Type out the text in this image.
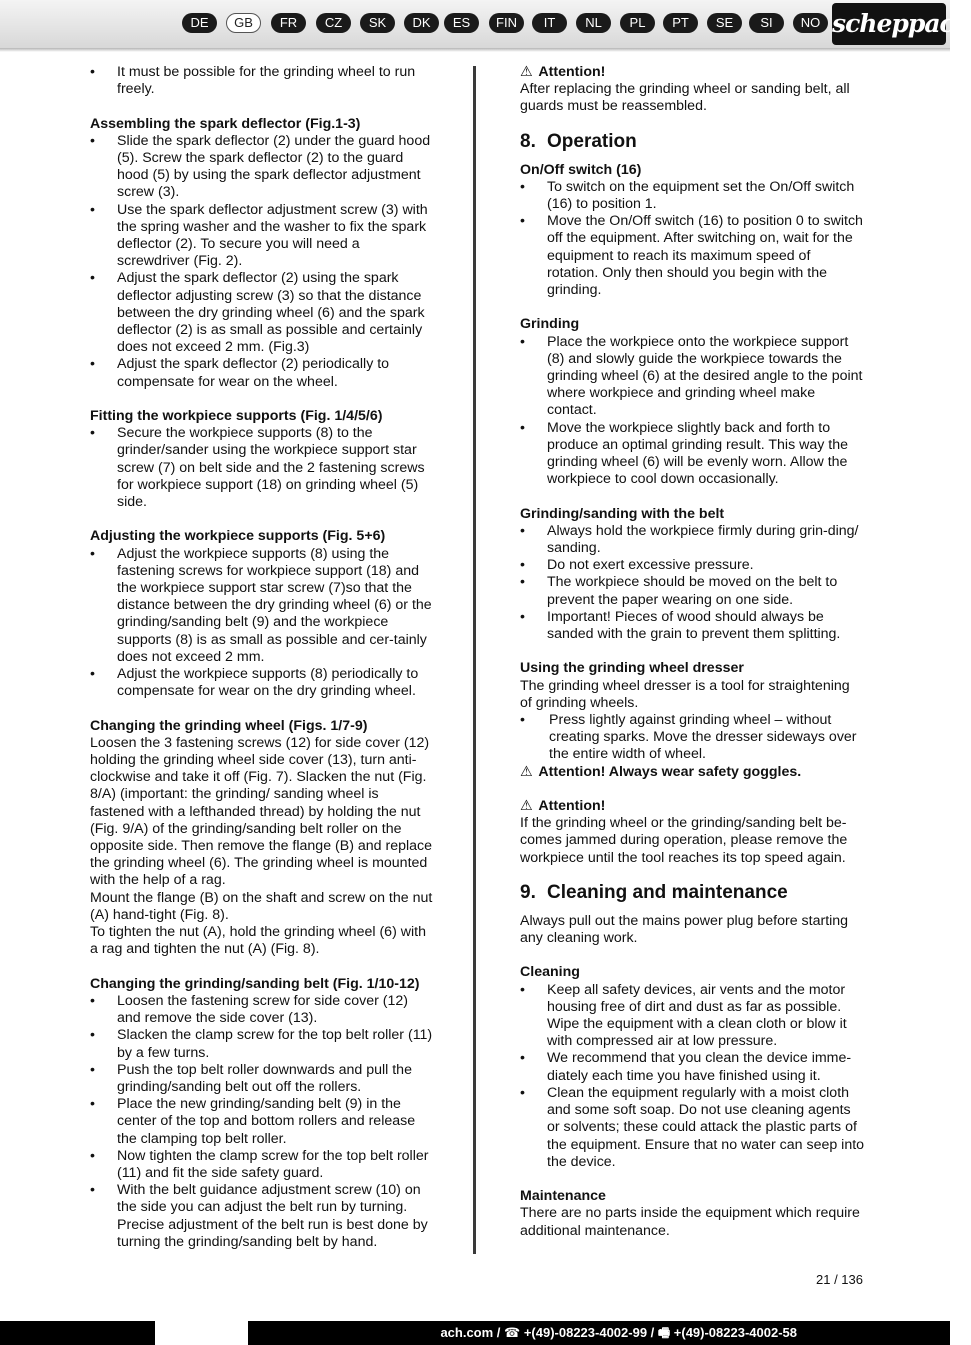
DE	GB	FR	CZ	SK	DK	ES	FIN	IT	NL	PL	PT	SE	SI	NO scheppach
• It must be possible for the grinding wheel to run freely.

Assembling the spark deflector (Fig.1-3)

• Slide the spark deflector (2) under the guard hood (5). Screw the spark deflector (2) to the guard hood (5) by using the spark deflector adjustment screw (3).
• Use the spark deflector adjustment screw (3) with the spring washer and the washer to fix the spark deflector (2). To secure you will need a screwdriver (Fig. 2).
• Adjust the spark deflector (2) using the spark deflector adjusting screw (3) so that the distance between the dry grinding wheel (6) and the spark deflector (2) is as small as possible and certainly does not exceed 2 mm. (Fig.3)
• Adjust the spark deflector (2) periodically to compensate for wear on the wheel.

Fitting the workpiece supports (Fig. 1/4/5/6)

• Secure the workpiece supports (8) to the grinder/sander using the workpiece support star screw (7) on belt side and the 2 fastening screws for workpiece support (18) on grinding wheel (5) side.

Adjusting the workpiece supports (Fig. 5+6)

• Adjust the workpiece supports (8) using the fastening screws for workpiece support (18) and the workpiece support star screw (7)so that the distance between the dry grinding wheel (6) or the grinding/sanding belt (9) and the workpiece supports (8) is as small as possible and cer-tainly does not exceed 2 mm.
• Adjust the workpiece supports (8) periodically to compensate for wear on the dry grinding wheel.

Changing the grinding wheel (Figs. 1/7-9)

Loosen the 3 fastening screws (12) for side cover (12) holding the grinding wheel side cover (13), turn anti-clockwise and take it off (Fig. 7). Slacken the nut (Fig. 8/A) (important: the grinding/ sanding wheel is fastened with a lefthanded thread) by holding the nut (Fig. 9/A) of the grinding/sanding belt roller on the opposite side. Then remove the flange (B) and replace the grinding wheel (6). The grinding wheel is mounted with the help of a rag.

Mount the flange (B) on the shaft and screw on the nut (A) hand-tight (Fig. 8).

To tighten the nut (A), hold the grinding wheel (6) with a rag and tighten the nut (A) (Fig. 8).

Changing the grinding/sanding belt (Fig. 1/10-12)

• Loosen the fastening screw for side cover (12) and remove the side cover (13).
• Slacken the clamp screw for the top belt roller (11) by a few turns.
• Push the top belt roller downwards and pull the grinding/sanding belt out off the rollers.
• Place the new grinding/sanding belt (9) in the center of the top and bottom rollers and release the clamping top belt roller.
• Now tighten the clamp screw for the top belt roller (11) and fit the side safety guard.
• With the belt guidance adjustment screw (10) on the side you can adjust the belt run by turning. Precise adjustment of the belt run is best done by turning the grinding/sanding belt by hand.

⚠ Attention!

After replacing the grinding wheel or sanding belt, all guards must be reassembled.

8. Operation

On/Off switch (16)

• To switch on the equipment set the On/Off switch (16) to position 1.
• Move the On/Off switch (16) to position 0 to switch off the equipment. After switching on, wait for the equipment to reach its maximum speed of rotation. Only then should you begin with the grinding.

Grinding

• Place the workpiece onto the workpiece support (8) and slowly guide the workpiece towards the grinding wheel (6) at the desired angle to the point where workpiece and grinding wheel make contact.
• Move the workpiece slightly back and forth to produce an optimal grinding result. This way the grinding wheel (6) will be evenly worn. Allow the workpiece to cool down occasionally.

Grinding/sanding with the belt

• Always hold the workpiece firmly during grin-ding/ sanding.
• Do not exert excessive pressure.
• The workpiece should be moved on the belt to prevent the paper wearing on one side.
• Important! Pieces of wood should always be sanded with the grain to prevent them splitting.

Using the grinding wheel dresser

The grinding wheel dresser is a tool for straightening of grinding wheels.

• Press lightly against grinding wheel – without creating sparks. Move the dresser sideways over the entire width of wheel.

⚠ Attention! Always wear safety goggles.

⚠ Attention!

If the grinding wheel or the grinding/sanding belt be-comes jammed during operation, please remove the workpiece until the tool reaches its top speed again.

9. Cleaning and maintenance

Always pull out the mains power plug before starting any cleaning work.

Cleaning

• Keep all safety devices, air vents and the motor housing free of dirt and dust as far as possible. Wipe the equipment with a clean cloth or blow it with compressed air at low pressure.
• We recommend that you clean the device imme-diately each time you have finished using it.
• Clean the equipment regularly with a moist cloth and some soft soap. Do not use cleaning agents or solvents; these could attack the plastic parts of the equipment. Ensure that no water can seep into the device.

Maintenance

There are no parts inside the equipment which require additional maintenance.

21 / 136
ach.com / ☎ +(49)-08223-4002-99 / 🖷 +(49)-08223-4002-58
